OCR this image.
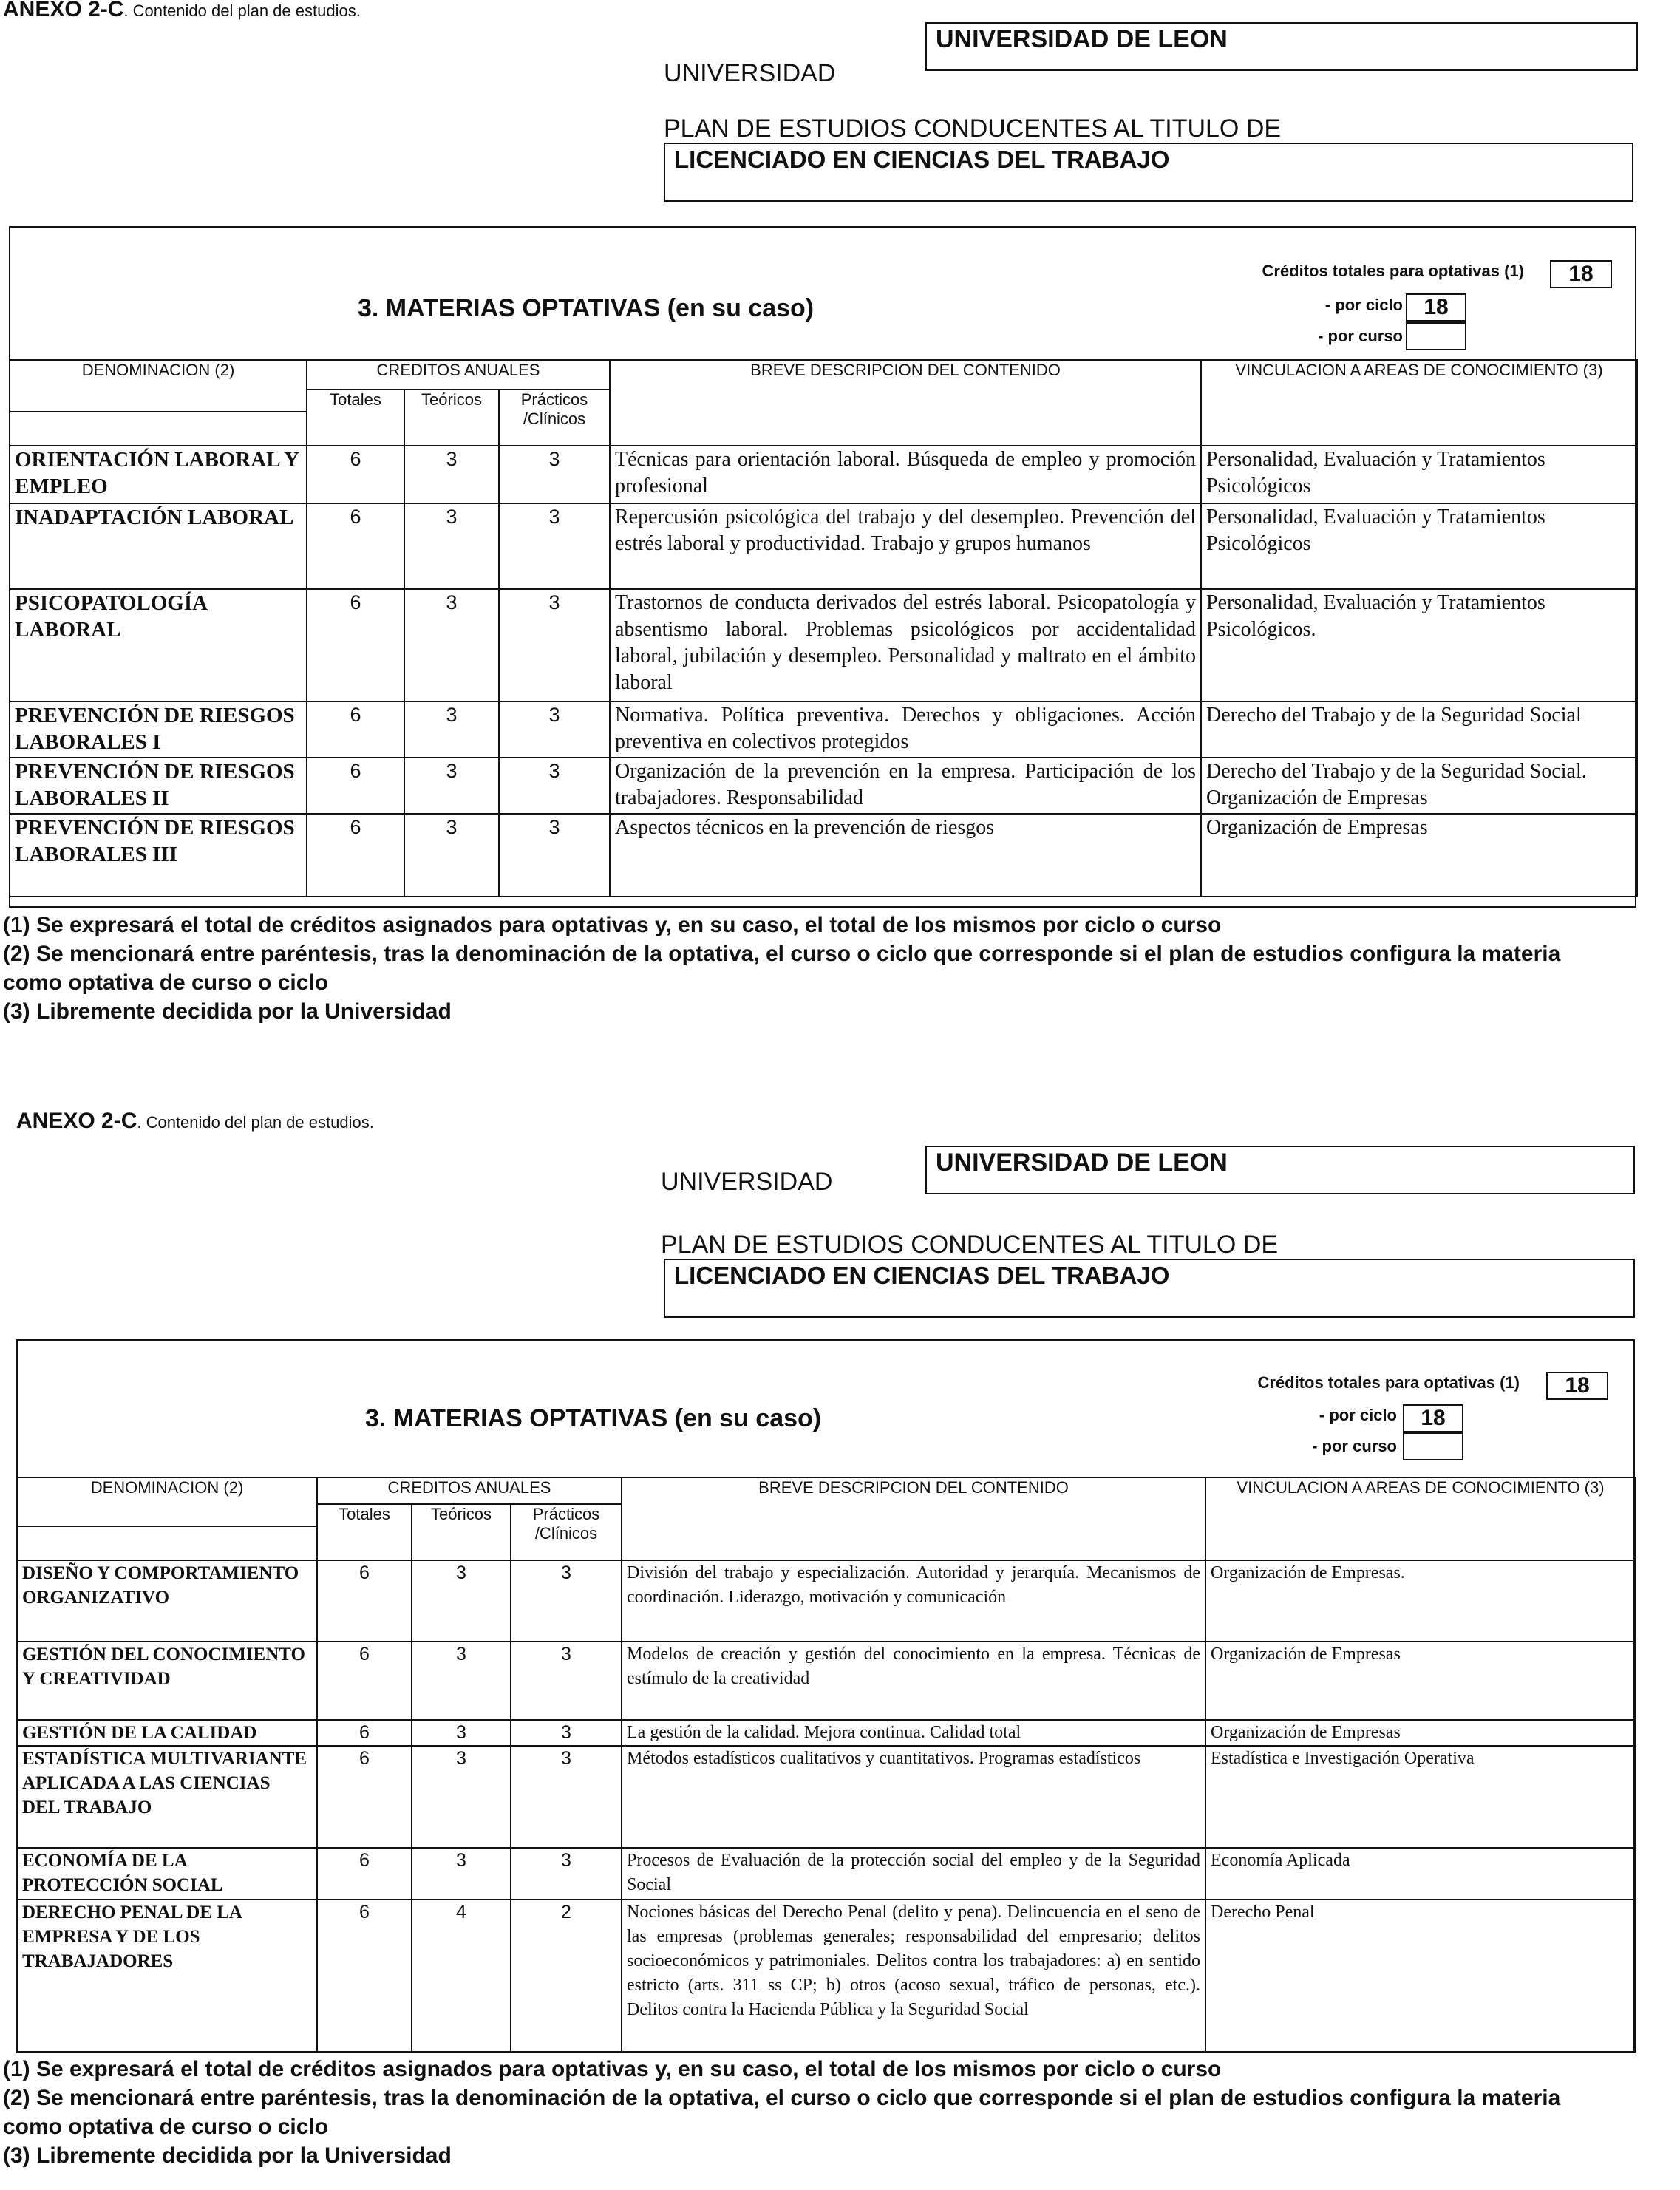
ANEXO 2-C. Contenido del plan de estudios.
UNIVERSIDAD
UNIVERSIDAD DE LEON
PLAN DE ESTUDIOS CONDUCENTES AL TITULO DE
LICENCIADO EN CIENCIAS DEL TRABAJO
3. MATERIAS OPTATIVAS (en su caso)
Créditos totales para optativas (1)	18
- por ciclo 18
- por curso
DENOMINACION (2)	CREDITOS ANUALES			BREVE DESCRIPCION DEL CONTENIDO	VINCULACION A AREAS DE CONOCIMIENTO (3)
	Totales	Teóricos	Prácticos /Clínicos		

ORIENTACIÓN LABORAL Y EMPLEO	6	3	3	Técnicas para orientación laboral. Búsqueda de empleo y promoción profesional	Personalidad, Evaluación y Tratamientos Psicológicos
INADAPTACIÓN LABORAL	6	3	3	Repercusión psicológica del trabajo y del desempleo. Prevención del estrés laboral y productividad. Trabajo y grupos humanos	Personalidad, Evaluación y Tratamientos Psicológicos
PSICOPATOLOGÍA LABORAL	6	3	3	Trastornos de conducta derivados del estrés laboral. Psicopatología y absentismo laboral. Problemas psicológicos por accidentalidad laboral, jubilación y desempleo. Personalidad y maltrato en el ámbito laboral	Personalidad, Evaluación y Tratamientos Psicológicos.
PREVENCIÓN DE RIESGOS LABORALES I	6	3	3	Normativa. Política preventiva. Derechos y obligaciones. Acción preventiva en colectivos protegidos	Derecho del Trabajo y de la Seguridad Social
PREVENCIÓN DE RIESGOS LABORALES II	6	3	3	Organización de la prevención en la empresa. Participación de los trabajadores. Responsabilidad	Derecho del Trabajo y de la Seguridad Social. Organización de Empresas
PREVENCIÓN DE RIESGOS LABORALES III	6	3	3	Aspectos técnicos en la prevención de riesgos	Organización de Empresas
(1) Se expresará el total de créditos asignados para optativas y, en su caso, el total de los mismos por ciclo o curso
(2) Se mencionará entre paréntesis, tras la denominación de la optativa, el curso o ciclo que corresponde si el plan de estudios configura la materia
como optativa de curso o ciclo
(3) Libremente decidida por la Universidad
ANEXO 2-C. Contenido del plan de estudios.
UNIVERSIDAD
UNIVERSIDAD DE LEON
PLAN DE ESTUDIOS CONDUCENTES AL TITULO DE
LICENCIADO EN CIENCIAS DEL TRABAJO
3. MATERIAS OPTATIVAS (en su caso)
Créditos totales para optativas (1)	18
- por ciclo	18
- por curso
DENOMINACION (2)	CREDITOS ANUALES			BREVE DESCRIPCION DEL CONTENIDO	VINCULACION A AREAS DE CONOCIMIENTO (3)
	Totales	Teóricos	Prácticos /Clínicos		

DISEÑO Y COMPORTAMIENTO ORGANIZATIVO	6	3	3	División del trabajo y especialización. Autoridad y jerarquía. Mecanismos de coordinación. Liderazgo, motivación y comunicación	Organización de Empresas.
GESTIÓN DEL CONOCIMIENTO Y CREATIVIDAD	6	3	3	Modelos de creación y gestión del conocimiento en la empresa. Técnicas de estímulo de la creatividad	Organización de Empresas
GESTIÓN DE LA CALIDAD	6	3	3	La gestión de la calidad. Mejora continua. Calidad total	Organización de Empresas
ESTADÍSTICA MULTIVARIANTE APLICADA A LAS CIENCIAS DEL TRABAJO	6	3	3	Métodos estadísticos cualitativos y cuantitativos. Programas estadísticos	Estadística e Investigación Operativa
ECONOMÍA DE LA PROTECCIÓN SOCIAL	6	3	3	Procesos de Evaluación de la protección social del empleo y de la Seguridad Social	Economía Aplicada
DERECHO PENAL DE LA EMPRESA Y DE LOS TRABAJADORES	6	4	2	Nociones básicas del Derecho Penal (delito y pena). Delincuencia en el seno de las empresas (problemas generales; responsabilidad del empresario; delitos socioeconómicos y patrimoniales. Delitos contra los trabajadores: a) en sentido estricto (arts. 311 ss CP; b) otros (acoso sexual, tráfico de personas, etc.). Delitos contra la Hacienda Pública y la Seguridad Social	Derecho Penal
(1) Se expresará el total de créditos asignados para optativas y, en su caso, el total de los mismos por ciclo o curso
(2) Se mencionará entre paréntesis, tras la denominación de la optativa, el curso o ciclo que corresponde si el plan de estudios configura la materia
como optativa de curso o ciclo
(3) Libremente decidida por la Universidad
